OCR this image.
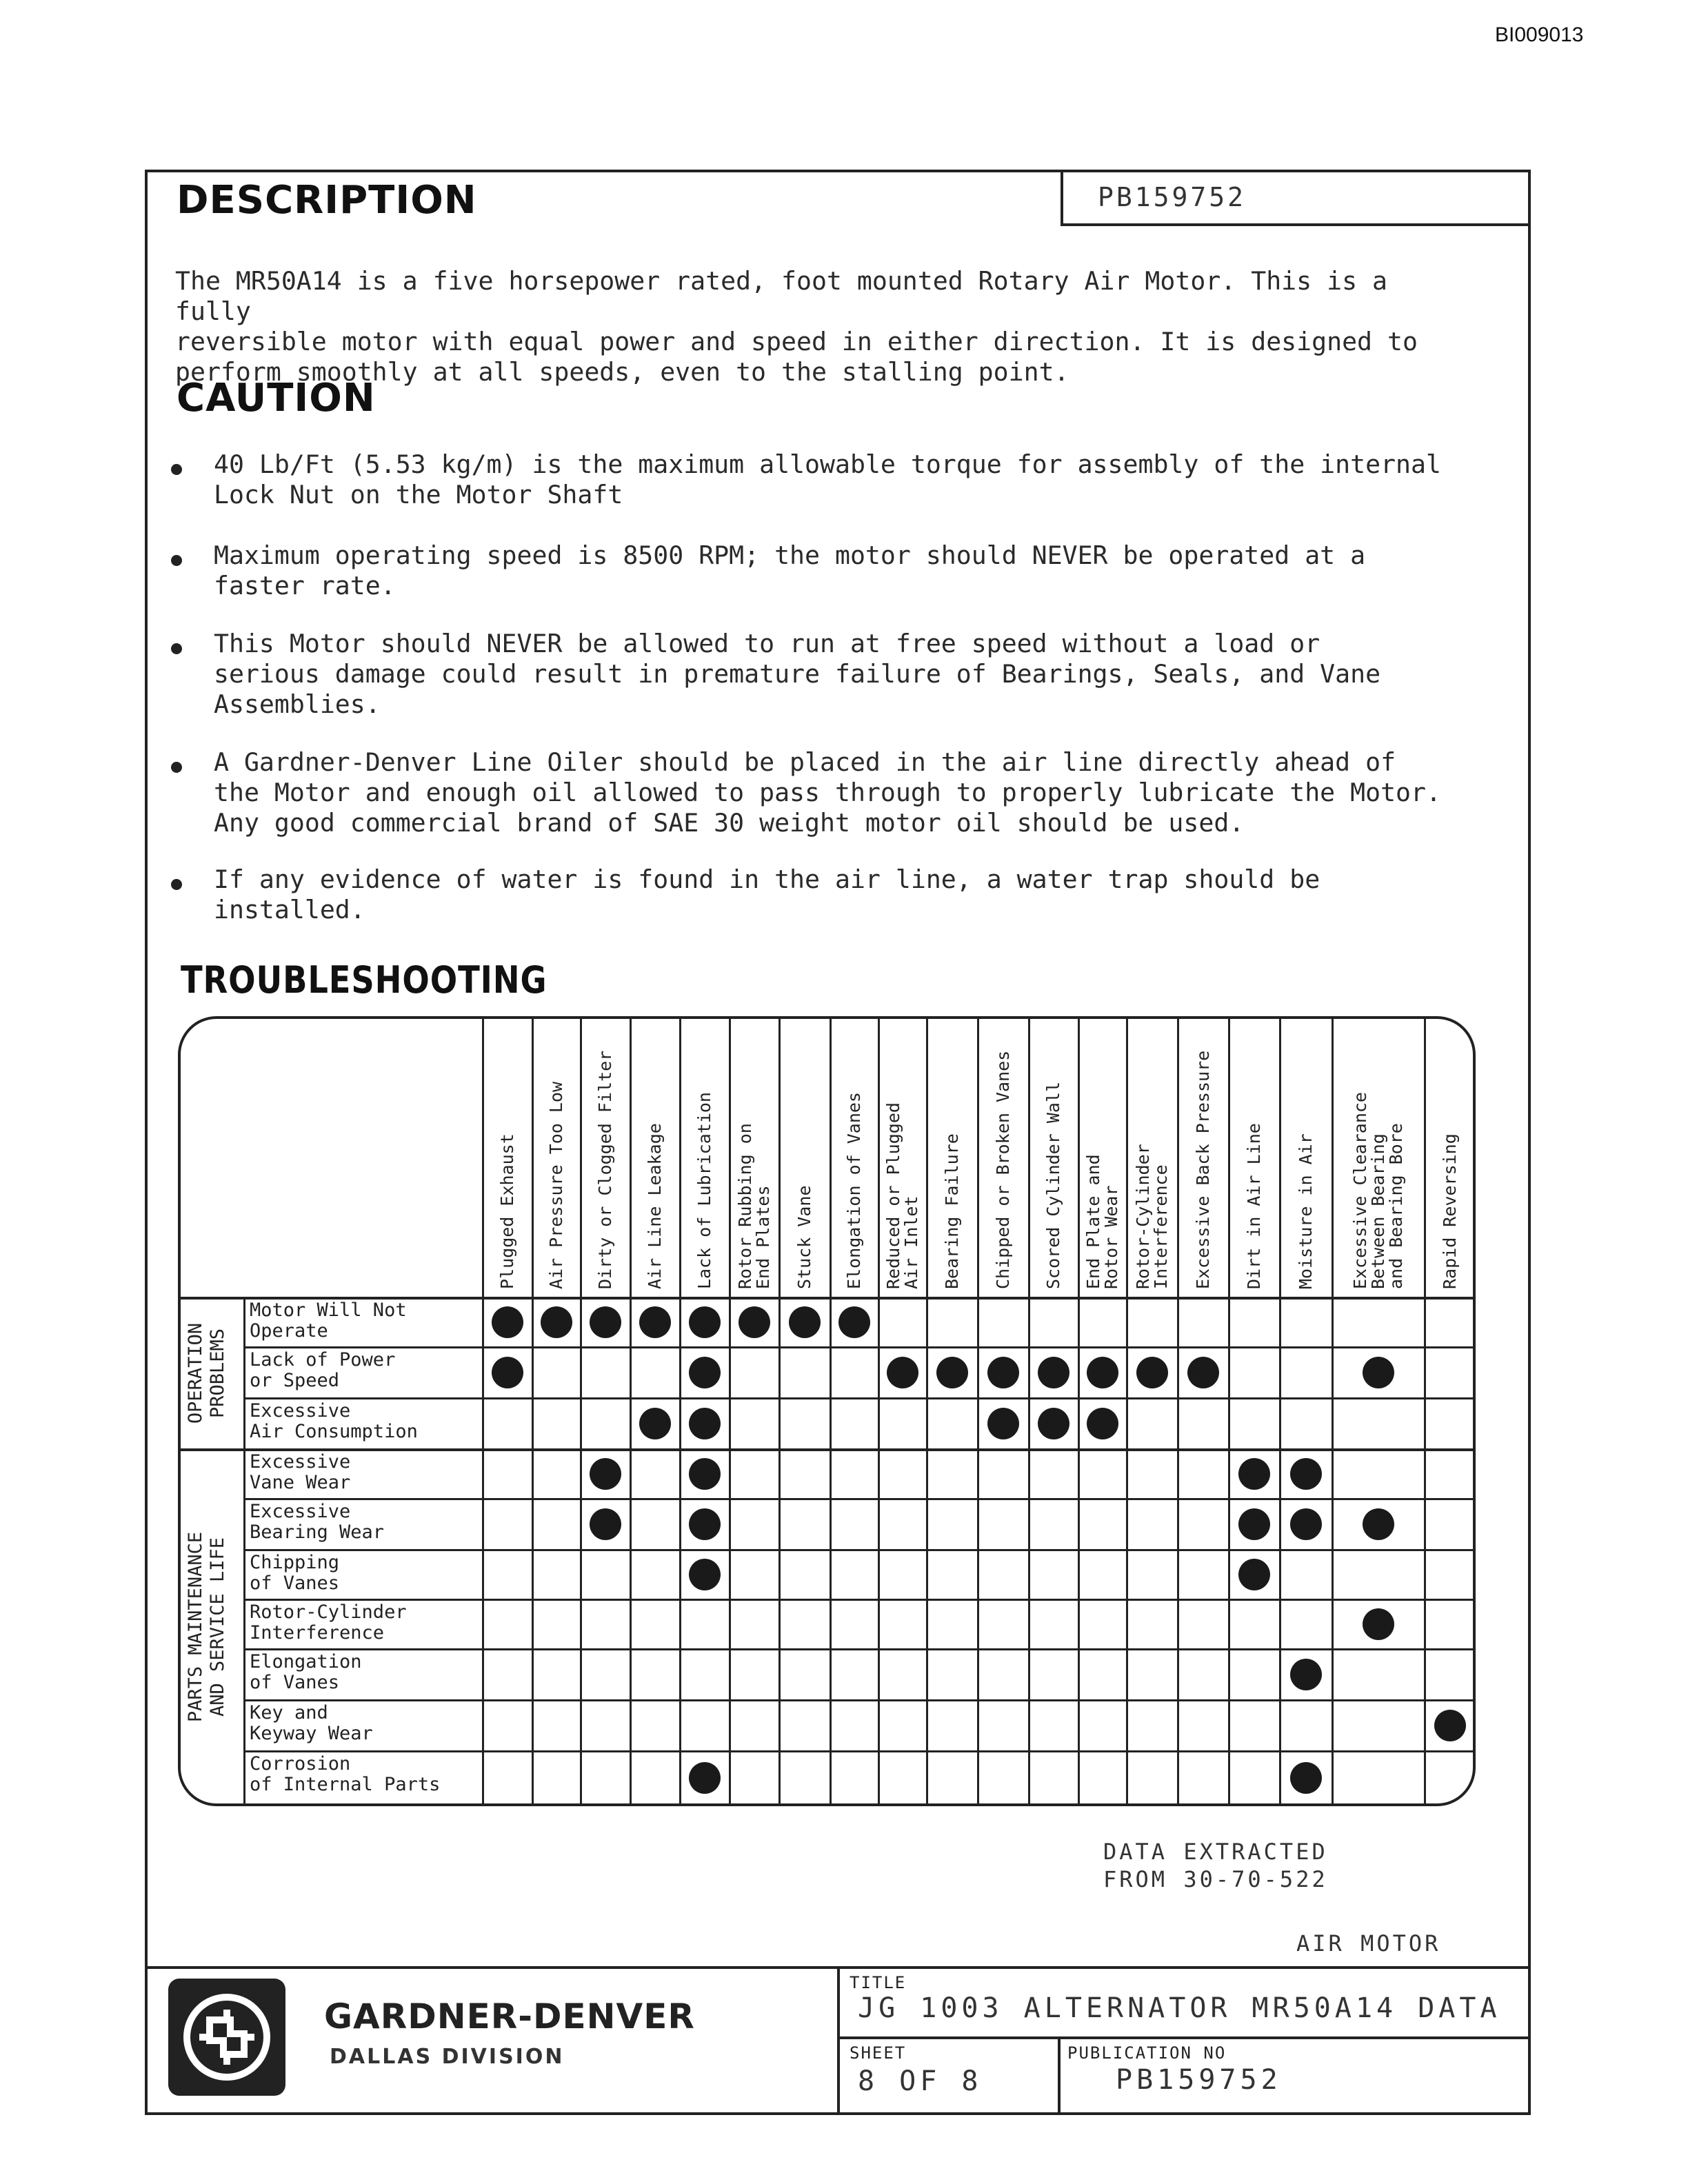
BI009013
PB159752
DESCRIPTION
The MR50A14 is a five horsepower rated, foot mounted Rotary Air Motor. This is a fully
reversible motor with equal power and speed in either direction. It is designed to
perform smoothly at all speeds, even to the stalling point.
CAUTION
40 Lb/Ft (5.53 kg/m) is the maximum allowable torque for assembly of the internal
Lock Nut on the Motor Shaft
Maximum operating speed is 8500 RPM; the motor should NEVER be operated at a
faster rate.
This Motor should NEVER be allowed to run at free speed without a load or
serious damage could result in premature failure of Bearings, Seals, and Vane
Assemblies.
A Gardner-Denver Line Oiler should be placed in the air line directly ahead of
the Motor and enough oil allowed to pass through to properly lubricate the Motor.
Any good commercial brand of SAE 30 weight motor oil should be used.
If any evidence of water is found in the air line, a water trap should be
installed.
TROUBLESHOOTING
Plugged Exhaust Air Pressure Too Low Dirty or Clogged Filter Air Line Leakage Lack of Lubrication Rotor Rubbing on
End Plates Stuck Vane Elongation of Vanes Reduced or Plugged
Air Inlet Bearing Failure Chipped or Broken Vanes Scored Cylinder Wall End Plate and
Rotor Wear Rotor-Cylinder
Interference Excessive Back Pressure Dirt in Air Line Moisture in Air Excessive Clearance
Between Bearing
and Bearing Bore Rapid Reversing
OPERATION
PROBLEMS
PARTS MAINTENANCE
AND SERVICE LIFE
Motor Will Not
Operate
Lack of Power
or Speed
Excessive
Air Consumption
Excessive
Vane Wear
Excessive
Bearing Wear
Chipping
of Vanes
Rotor-Cylinder
Interference
Elongation
of Vanes
Key and
Keyway Wear
Corrosion
of Internal Parts
DATA EXTRACTED
FROM 30-70-522
AIR MOTOR
GARDNER-DENVER
DALLAS DIVISION
TITLE
JG 1003 ALTERNATOR MR50A14 DATA
SHEET
8 OF 8
PUBLICATION NO
PB159752
